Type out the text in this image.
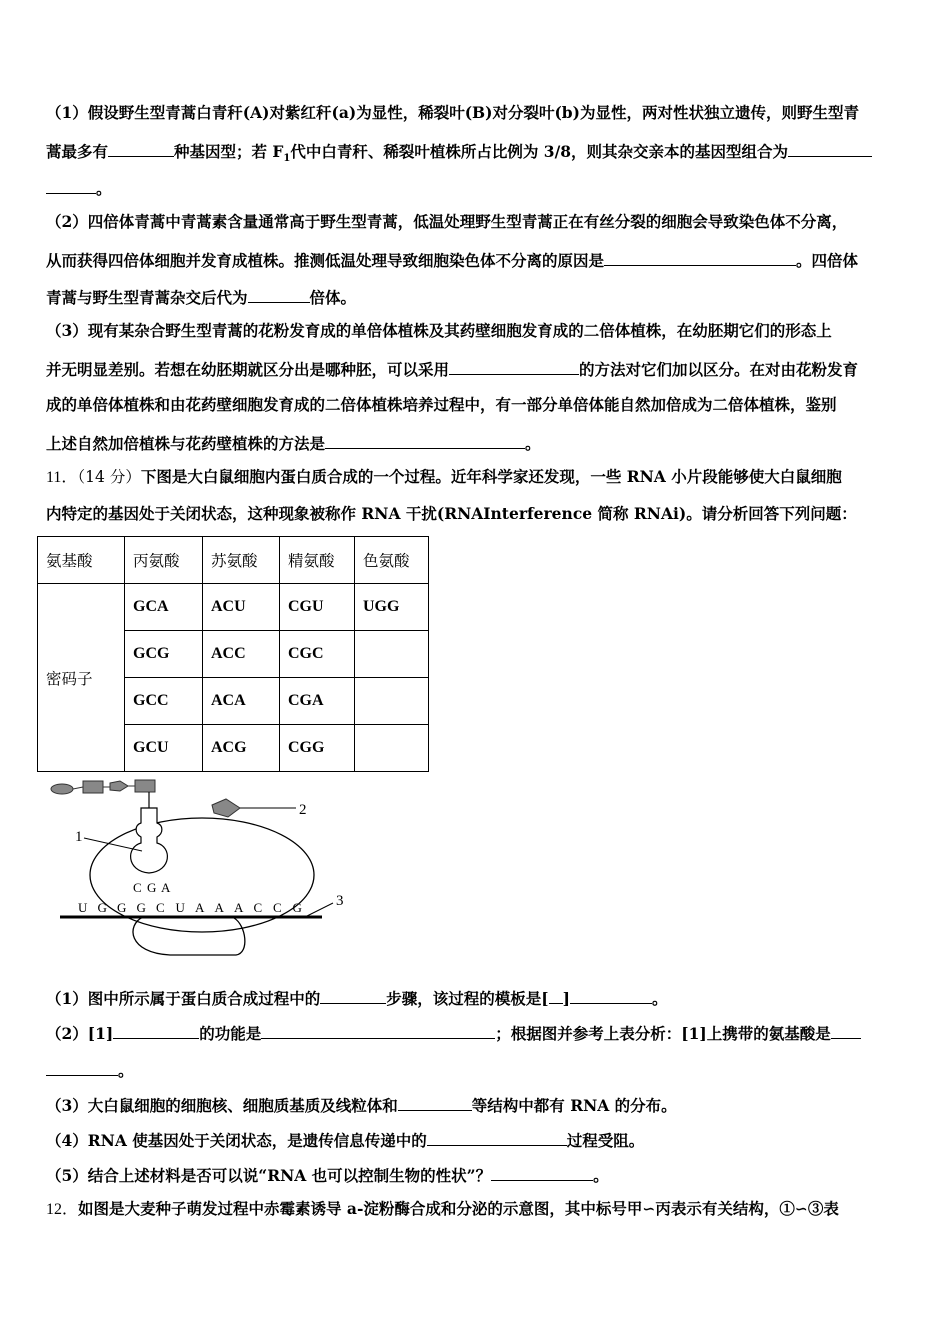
（1）假设野生型青蒿白青秆(A)对紫红秆(a)为显性，稀裂叶(B)对分裂叶(b)为显性，两对性状独立遗传，则野生型青
蒿最多有	种基因型；若 $F_1$代中白青秆、稀裂叶植株所占比例为 3/8，则其杂交亲本的基因型组合为
。
（2）四倍体青蒿中青蒿素含量通常高于野生型青蒿，低温处理野生型青蒿正在有丝分裂的细胞会导致染色体不分离，
从而获得四倍体细胞并发育成植株。推测低温处理导致细胞染色体不分离的原因是	。四倍体
青蒿与野生型青蒿杂交后代为	倍体。
（3）现有某杂合野生型青蒿的花粉发育成的单倍体植株及其药壁细胞发育成的二倍体植株，在幼胚期它们的形态上
并无明显差别。若想在幼胚期就区分出是哪种胚，可以采用	的方法对它们加以区分。在对由花粉发育
成的单倍体植株和由花药壁细胞发育成的二倍体植株培养过程中，有一部分单倍体能自然加倍成为二倍体植株，鉴别
上述自然加倍植株与花药壁植株的方法是	。
11．（14 分）下图是大白鼠细胞内蛋白质合成的一个过程。近年科学家还发现，一些 RNA 小片段能够使大白鼠细胞
内特定的基因处于关闭状态，这种现象被称作 RNA 干扰(RNAInterference 简称 RNAi)。请分析回答下列问题：
氨基酸	丙氨酸	苏氨酸	精氨酸	色氨酸
密码子	GCA	ACU	CGU	UGG
	GCG	ACC	CGC	
	GCC	ACA	CGA	
	GCU	ACG	CGG	
2
1
C G A
U G G G C U A A A C C G 3
（1）图中所示属于蛋白质合成过程中的	步骤，该过程的模板是[ ]	。
（2）[1]	的功能是	；根据图并参考上表分析：[1]上携带的氨基酸是
。
（3）大白鼠细胞的细胞核、细胞质基质及线粒体和	等结构中都有 RNA 的分布。
（4）RNA 使基因处于关闭状态，是遗传信息传递中的	过程受阻。
（5）结合上述材料是否可以说“RNA 也可以控制生物的性状”？	。
12．如图是大麦种子萌发过程中赤霉素诱导 a-淀粉酶合成和分泌的示意图，其中标号甲∽丙表示有关结构，①∽③表
